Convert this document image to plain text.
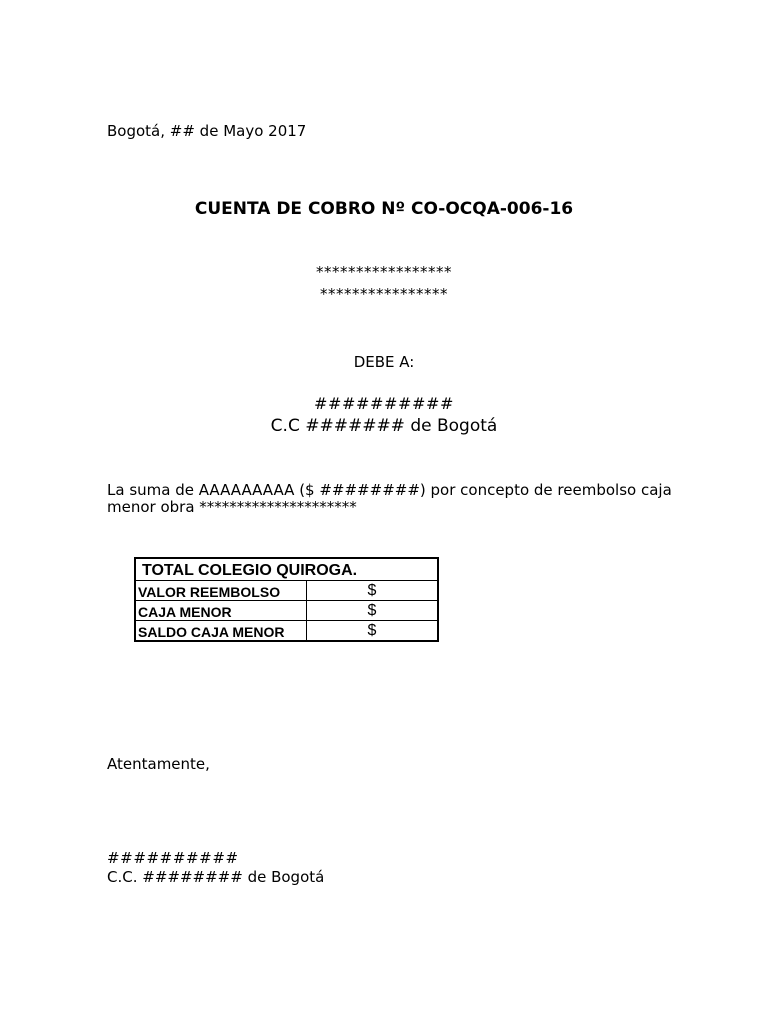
Bogotá, ## de Mayo 2017
CUENTA DE COBRO Nº CO-OCQA-006-16
*****************
****************
DEBE A:
##########
C.C ####### de Bogotá
La suma de AAAAAAAAA ($ ########) por concepto de reembolso caja menor obra *********************
TOTAL COLEGIO QUIROGA.	
VALOR REEMBOLSO	$
CAJA MENOR	$
SALDO CAJA MENOR	$
Atentamente,
##########
C.C. ######## de Bogotá
